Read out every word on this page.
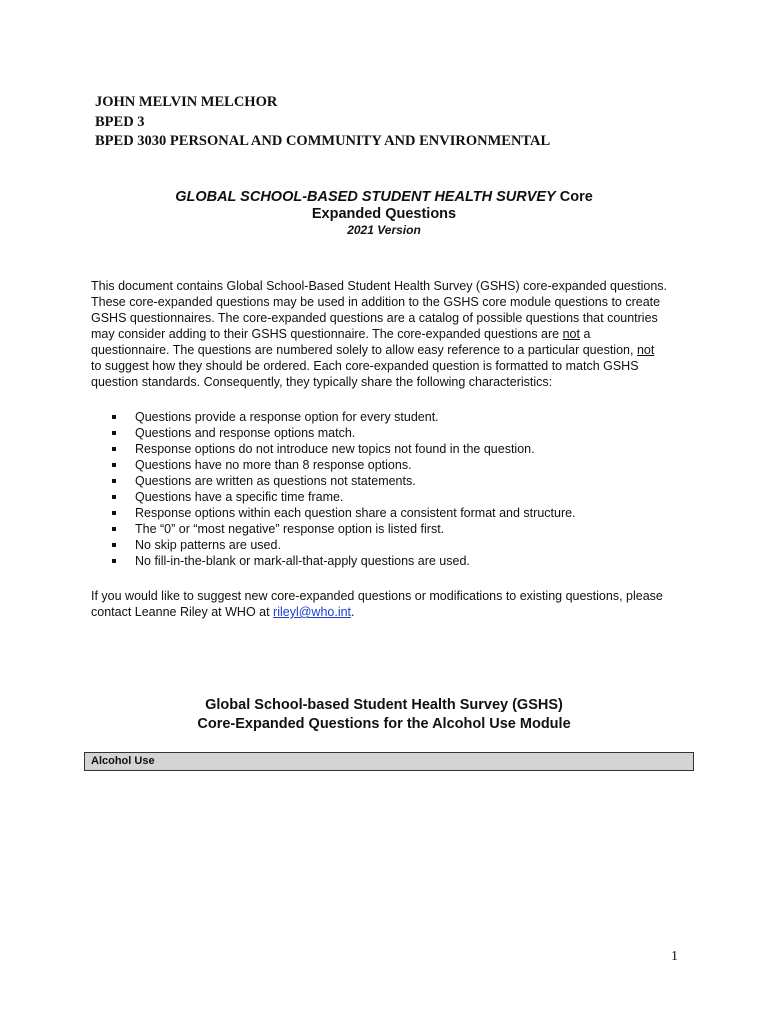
JOHN MELVIN MELCHOR
BPED 3
BPED 3030 PERSONAL AND COMMUNITY AND ENVIRONMENTAL
GLOBAL SCHOOL-BASED STUDENT HEALTH SURVEY Core
Expanded Questions
2021 Version

This document contains Global School-Based Student Health Survey (GSHS) core-expanded questions.

These core-expanded questions may be used in addition to the GSHS core module questions to create

GSHS questionnaires. The core-expanded questions are a catalog of possible questions that countries

may consider adding to their GSHS questionnaire. The core-expanded questions are not a

questionnaire. The questions are numbered solely to allow easy reference to a particular question, not

to suggest how they should be ordered. Each core-expanded question is formatted to match GSHS

question standards. Consequently, they typically share the following characteristics:

Questions provide a response option for every student.
Questions and response options match.
Response options do not introduce new topics not found in the question.
Questions have no more than 8 response options.
Questions are written as questions not statements.
Questions have a specific time frame.
Response options within each question share a consistent format and structure.
The “0” or “most negative” response option is listed first.
No skip patterns are used.
No fill-in-the-blank or mark-all-that-apply questions are used.

If you would like to suggest new core-expanded questions or modifications to existing questions, please

contact Leanne Riley at WHO at rileyl@who.int.

Global School-based Student Health Survey (GSHS)
Core-Expanded Questions for the Alcohol Use Module
Alcohol Use
1
